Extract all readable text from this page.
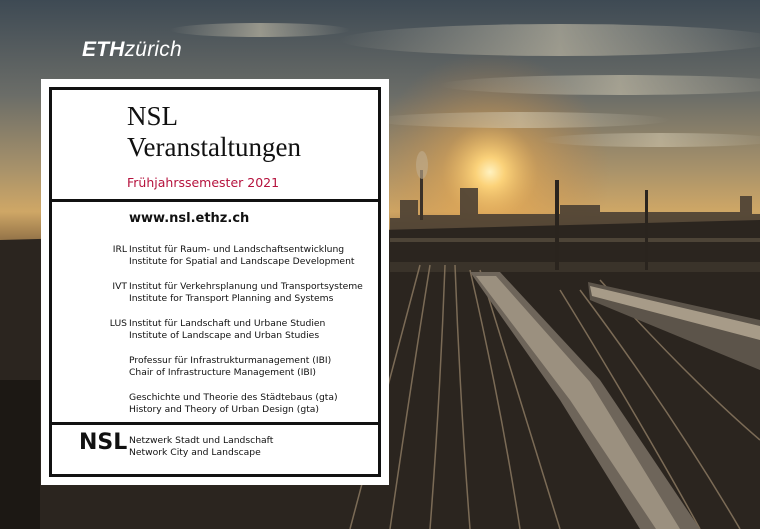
ETHzürich
NSL
Veranstaltungen
Frühjahrssemester 2021
www.nsl.ethz.ch
IRL Institut für Raum- und Landschaftsentwicklung
Institute for Spatial and Landscape Development
IVT Institut für Verkehrsplanung und Transportsysteme
Institute for Transport Planning and Systems
LUS Institut für Landschaft und Urbane Studien
Institute of Landscape and Urban Studies
Professur für Infrastrukturmanagement (IBI)
Chair of Infrastructure Management (IBI)
Geschichte und Theorie des Städtebaus (gta)
History and Theory of Urban Design (gta)
NSL Netzwerk Stadt und Landschaft
Network City and Landscape
